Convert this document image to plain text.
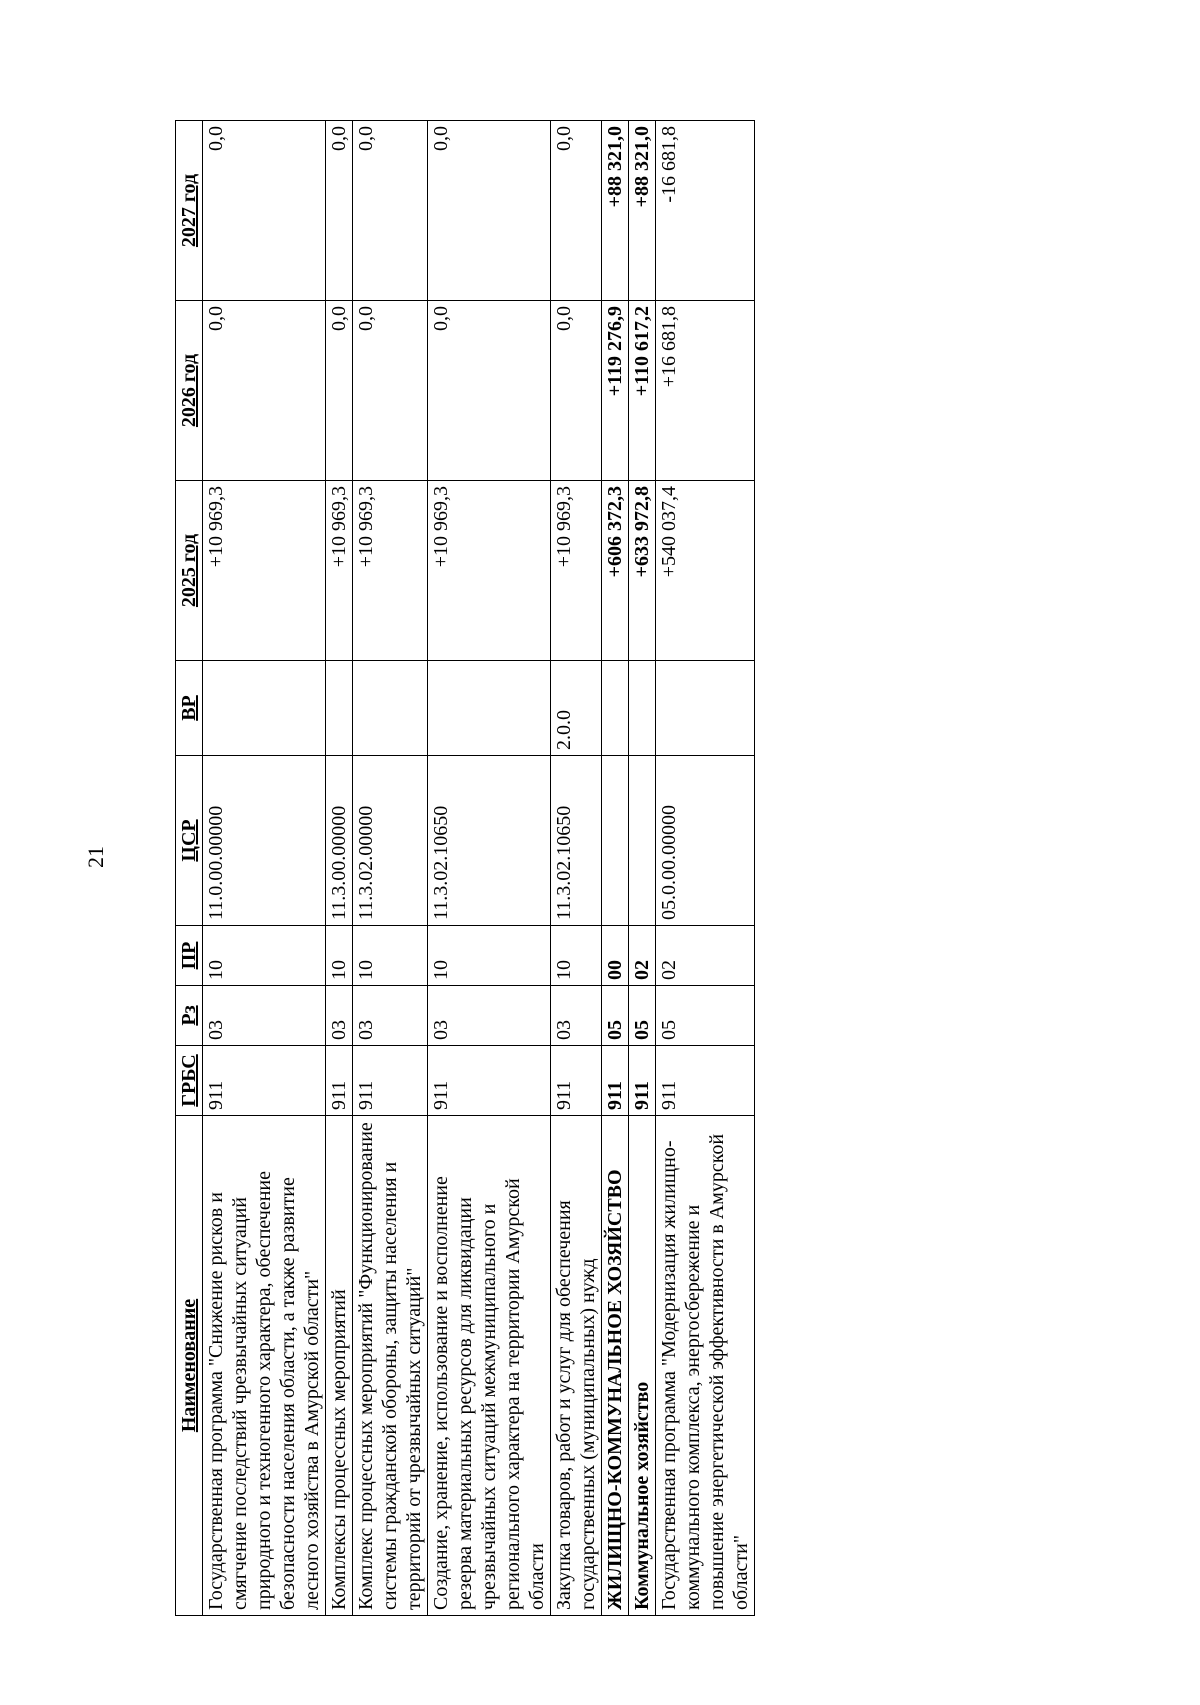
21
Наименование	ГРБС	Рз	ПР	ЦСР	ВР	2025 год	2026 год	2027 год
Государственная программа "Снижение рисков и смягчение последствий чрезвычайных ситуаций природного и техногенного характера, обеспечение безопасности населения области, а также развитие лесного хозяйства в Амурской области"	911	03	10	11.0.00.00000		+10 969,3	0,0	0,0
Комплексы процессных мероприятий	911	03	10	11.3.00.00000		+10 969,3	0,0	0,0
Комплекс процессных мероприятий "Функционирование системы гражданской обороны, защиты населения и территорий от чрезвычайных ситуаций"	911	03	10	11.3.02.00000		+10 969,3	0,0	0,0
Создание, хранение, использование и восполнение резерва материальных ресурсов для ликвидации чрезвычайных ситуаций межмуниципального и регионального характера на территории Амурской области	911	03	10	11.3.02.10650		+10 969,3	0,0	0,0
Закупка товаров, работ и услуг для обеспечения государственных (муниципальных) нужд	911	03	10	11.3.02.10650	2.0.0	+10 969,3	0,0	0,0
ЖИЛИЩНО-КОММУНАЛЬНОЕ ХОЗЯЙСТВО	911	05	00			+606 372,3	+119 276,9	+88 321,0
Коммунальное хозяйство	911	05	02			+633 972,8	+110 617,2	+88 321,0
Государственная программа "Модернизация жилищно-коммунального комплекса, энергосбережение и повышение энергетической эффективности в Амурской области"	911	05	02	05.0.00.00000		+540 037,4	+16 681,8	-16 681,8
